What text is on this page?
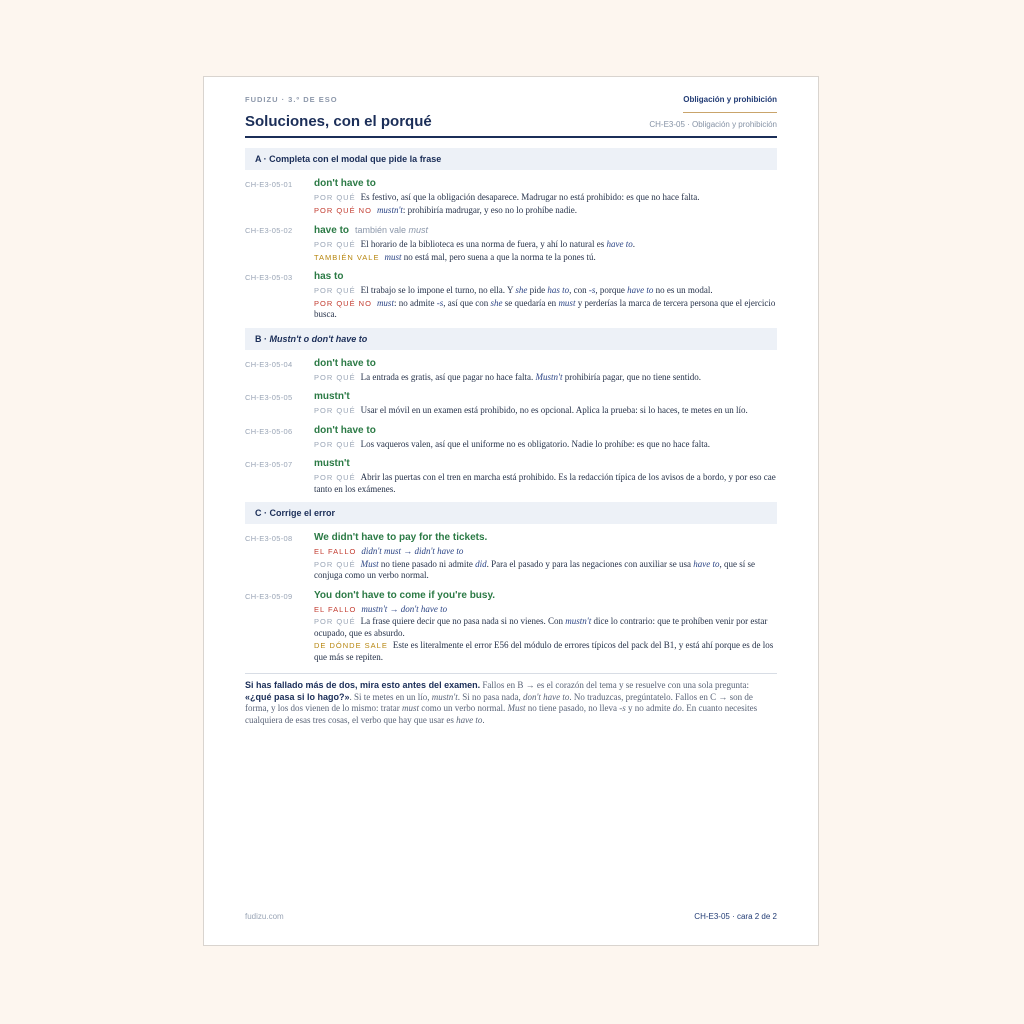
FUDIZU · 3.º DE ESO	Obligación y prohibición
Soluciones, con el porqué	CH-E3-05 · Obligación y prohibición
A · Completa con el modal que pide la frase
CH-E3-05-01 don't have to
POR QUÉ Es festivo, así que la obligación desaparece. Madrugar no está prohibido: es que no hace falta.
POR QUÉ NO mustn't: prohibiría madrugar, y eso no lo prohíbe nadie.
CH-E3-05-02 have to también vale must
POR QUÉ El horario de la biblioteca es una norma de fuera, y ahí lo natural es have to.
TAMBIÉN VALE must no está mal, pero suena a que la norma te la pones tú.
CH-E3-05-03 has to
POR QUÉ El trabajo se lo impone el turno, no ella. Y she pide has to, con -s, porque have to no es un modal.
POR QUÉ NO must: no admite -s, así que con she se quedaría en must y perderías la marca de tercera persona que el ejercicio busca.
B · Mustn't o don't have to
CH-E3-05-04 don't have to
POR QUÉ La entrada es gratis, así que pagar no hace falta. Mustn't prohibiría pagar, que no tiene sentido.
CH-E3-05-05 mustn't
POR QUÉ Usar el móvil en un examen está prohibido, no es opcional. Aplica la prueba: si lo haces, te metes en un lío.
CH-E3-05-06 don't have to
POR QUÉ Los vaqueros valen, así que el uniforme no es obligatorio. Nadie lo prohíbe: es que no hace falta.
CH-E3-05-07 mustn't
POR QUÉ Abrir las puertas con el tren en marcha está prohibido. Es la redacción típica de los avisos de a bordo, y por eso cae tanto en los exámenes.
C · Corrige el error
CH-E3-05-08 We didn't have to pay for the tickets.
EL FALLO didn't must → didn't have to
POR QUÉ Must no tiene pasado ni admite did. Para el pasado y para las negaciones con auxiliar se usa have to, que sí se conjuga como un verbo normal.
CH-E3-05-09 You don't have to come if you're busy.
EL FALLO mustn't → don't have to
POR QUÉ La frase quiere decir que no pasa nada si no vienes. Con mustn't dice lo contrario: que te prohíben venir por estar ocupado, que es absurdo.
DE DÓNDE SALE Este es literalmente el error E56 del módulo de errores típicos del pack del B1, y está ahí porque es de los que más se repiten.
Si has fallado más de dos, mira esto antes del examen. Fallos en B → es el corazón del tema y se resuelve con una sola pregunta: «¿qué pasa si lo hago?». Si te metes en un lío, mustn't. Si no pasa nada, don't have to. No traduzcas, pregúntatelo. Fallos en C → son de forma, y los dos vienen de lo mismo: tratar must como un verbo normal. Must no tiene pasado, no lleva -s y no admite do. En cuanto necesites cualquiera de esas tres cosas, el verbo que hay que usar es have to.
fudizu.com	CH-E3-05 · cara 2 de 2
